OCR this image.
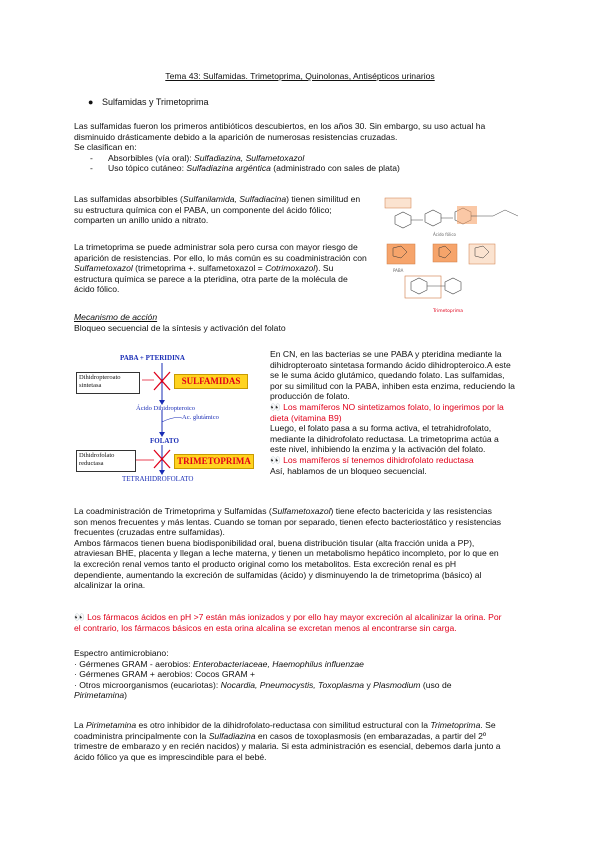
Tema 43: Sulfamidas. Trimetoprima, Quinolonas, Antisépticos urinarios
● Sulfamidas y Trimetoprima
Las sulfamidas fueron los primeros antibióticos descubiertos, en los años 30. Sin embargo, su uso actual ha
disminuido drásticamente debido a la aparición de numerosas resistencias cruzadas.
Se clasifican en:
- Absorbibles (vía oral): Sulfadiazina, Sulfametoxazol
- Uso tópico cutáneo: Sulfadiazina argéntica (administrado con sales de plata)
Las sulfamidas absorbibles (Sulfanilamida, Sulfadiacina) tienen similitud en
su estructura química con el PABA, un componente del ácido fólico;
comparten un anillo unido a nitrato.
La trimetoprima se puede administrar sola pero cursa con mayor riesgo de
aparición de resistencias. Por ello, lo más común es su coadministración con
Sulfametoxazol (trimetoprima +. sulfametoxazol = Cotrimoxazol). Su
estructura química se parece a la pteridina, otra parte de la molécula de
ácido fólico.
Ácido fólico
PABA
Trimetoprima
Mecanismo de acción
Bloqueo secuencial de la síntesis y activación del folato
PABA + PTERIDINA
Dihidropteroato sintetasa	SULFAMIDAS
Ácido Dihidropteroico
Ac. glutámico
FOLATO
Dihidrofolato reductasa	TRIMETOPRIMA
TETRAHIDROFOLATO
En CN, en las bacterias se une PABA y pteridina mediante la
dihidropteroato sintetasa formando ácido dihidropteroico.A este
se le suma ácido glutámico, quedando folato. Las sulfamidas,
por su similitud con la PABA, inhiben esta enzima, reduciendo la
producción de folato.
👀 Los mamíferos NO sintetizamos folato, lo ingerimos por la
dieta (vitamina B9)
Luego, el folato pasa a su forma activa, el tetrahidrofolato,
mediante la dihidrofolato reductasa. La trimetoprima actúa a
este nivel, inhibiendo la enzima y la activación del folato.
👀 Los mamíferos sí tenemos dihidrofolato reductasa
Así, hablamos de un bloqueo secuencial.
La coadministración de Trimetoprima y Sulfamidas (Sulfametoxazol) tiene efecto bactericida y las resistencias
son menos frecuentes y más lentas. Cuando se toman por separado, tienen efecto bacteriostático y resistencias
frecuentes (cruzadas entre sulfamidas).
Ambos fármacos tienen buena biodisponibilidad oral, buena distribución tisular (alta fracción unida a PP),
atraviesan BHE, placenta y llegan a leche materna, y tienen un metabolismo hepático incompleto, por lo que en
la excreción renal vemos tanto el producto original como los metabolitos. Esta excreción renal es pH
dependiente, aumentando la excreción de sulfamidas (ácido) y disminuyendo la de trimetoprima (básico) al
alcalinizar la orina.
👀 Los fármacos ácidos en pH >7 están más ionizados y por ello hay mayor excreción al alcalinizar la orina. Por
el contrario, los fármacos básicos en esta orina alcalina se excretan menos al encontrarse sin carga.
Espectro antimicrobiano:
· Gérmenes GRAM - aerobios: Enterobacteriaceae, Haemophilus influenzae
· Gérmenes GRAM + aerobios: Cocos GRAM +
· Otros microorganismos (eucariotas): Nocardia, Pneumocystis, Toxoplasma y Plasmodium (uso de
Pirimetamina)
La Pirimetamina es otro inhibidor de la dihidrofolato-reductasa con similitud estructural con la Trimetoprima. Se
coadministra principalmente con la Sulfadiazina en casos de toxoplasmosis (en embarazadas, a partir del 2º
trimestre de embarazo y en recién nacidos) y malaria. Si esta administración es esencial, debemos darla junto a
ácido fólico ya que es imprescindible para el bebé.
